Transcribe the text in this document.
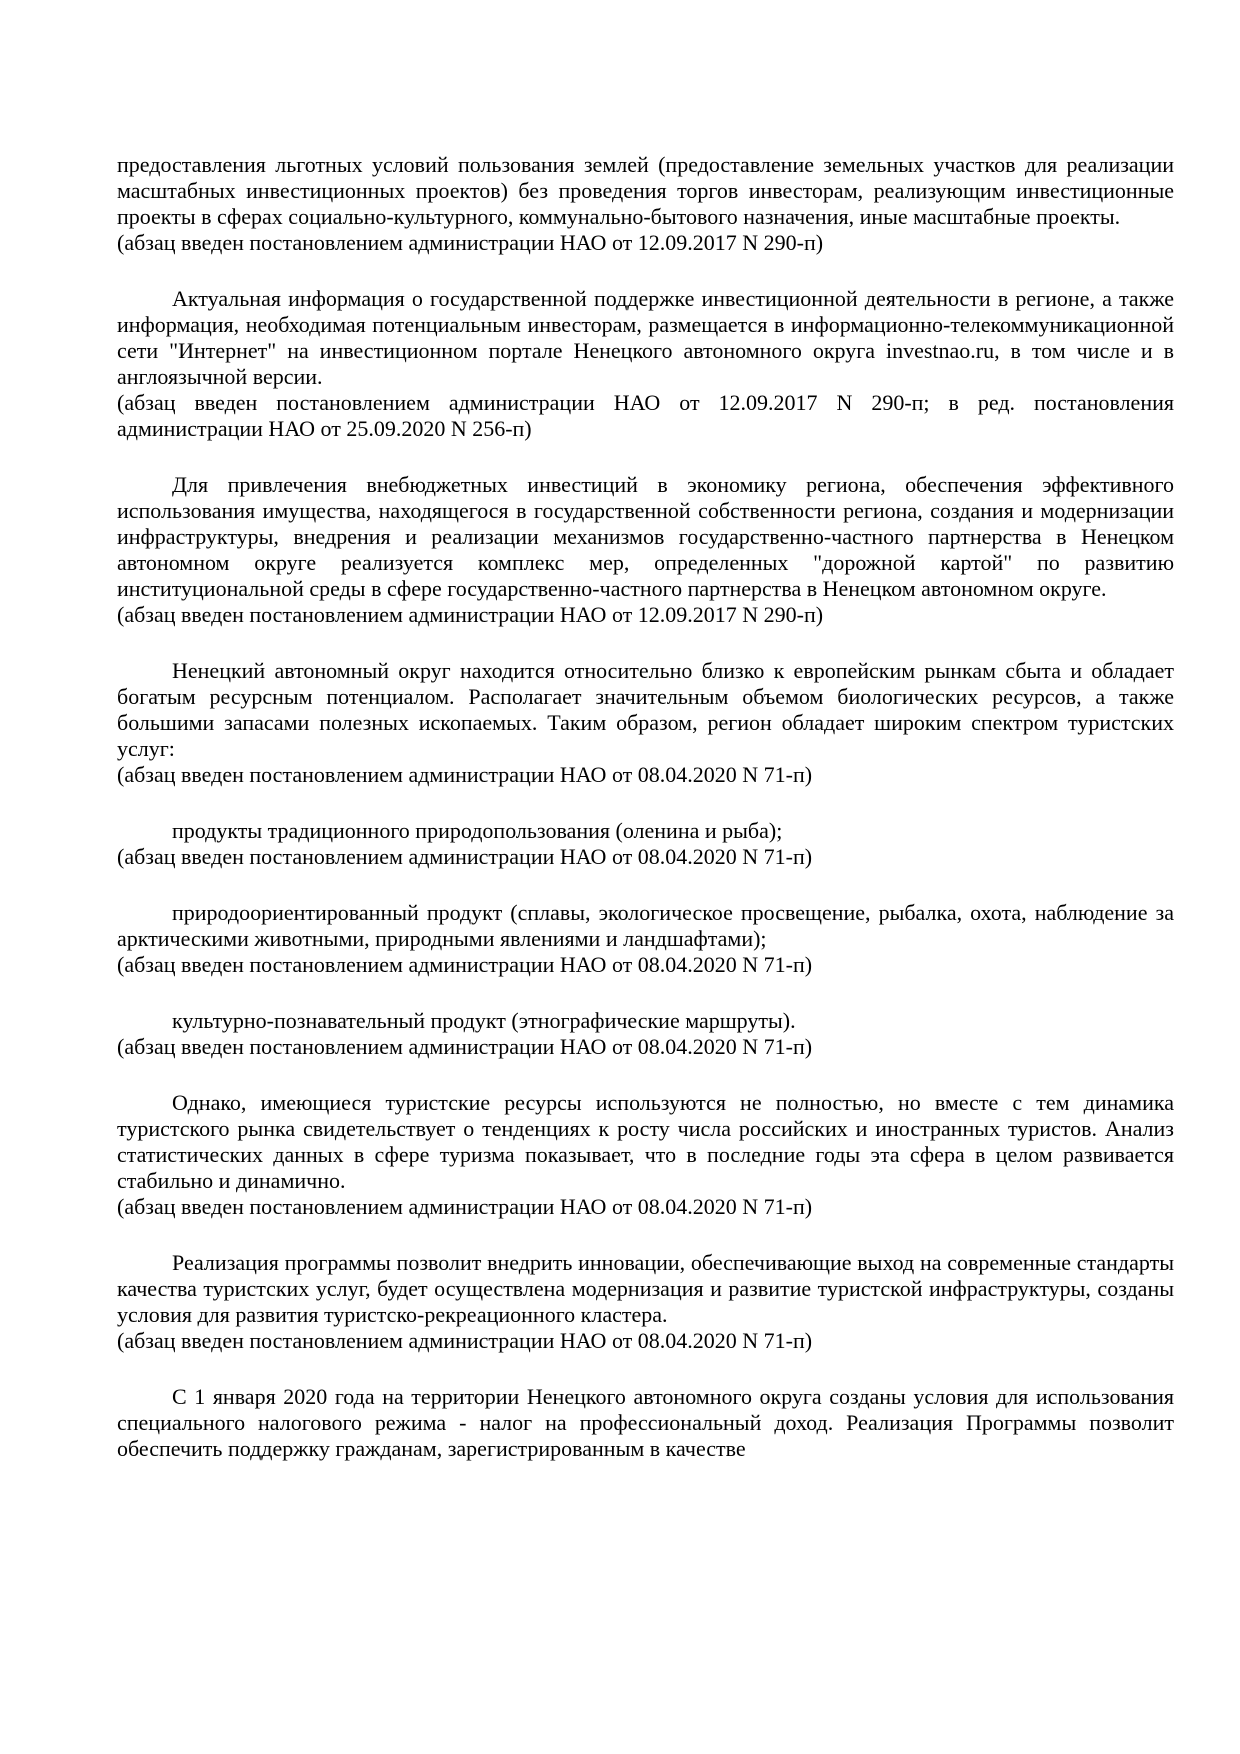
предоставления льготных условий пользования землей (предоставление земельных участков для реализации масштабных инвестиционных проектов) без проведения торгов инвесторам, реализующим инвестиционные проекты в сферах социально-культурного, коммунально-бытового назначения, иные масштабные проекты.

(абзац введен постановлением администрации НАО от 12.09.2017 N 290-п)

Актуальная информация о государственной поддержке инвестиционной деятельности в регионе, а также информация, необходимая потенциальным инвесторам, размещается в информационно-телекоммуникационной сети "Интернет" на инвестиционном портале Ненецкого автономного округа investnao.ru, в том числе и в англоязычной версии.

(абзац введен постановлением администрации НАО от 12.09.2017 N 290-п; в ред. постановления администрации НАО от 25.09.2020 N 256-п)

Для привлечения внебюджетных инвестиций в экономику региона, обеспечения эффективного использования имущества, находящегося в государственной собственности региона, создания и модернизации инфраструктуры, внедрения и реализации механизмов государственно-частного партнерства в Ненецком автономном округе реализуется комплекс мер, определенных "дорожной картой" по развитию институциональной среды в сфере государственно-частного партнерства в Ненецком автономном округе.

(абзац введен постановлением администрации НАО от 12.09.2017 N 290-п)

Ненецкий автономный округ находится относительно близко к европейским рынкам сбыта и обладает богатым ресурсным потенциалом. Располагает значительным объемом биологических ресурсов, а также большими запасами полезных ископаемых. Таким образом, регион обладает широким спектром туристских услуг:

(абзац введен постановлением администрации НАО от 08.04.2020 N 71-п)

продукты традиционного природопользования (оленина и рыба);

(абзац введен постановлением администрации НАО от 08.04.2020 N 71-п)

природоориентированный продукт (сплавы, экологическое просвещение, рыбалка, охота, наблюдение за арктическими животными, природными явлениями и ландшафтами);

(абзац введен постановлением администрации НАО от 08.04.2020 N 71-п)

культурно-познавательный продукт (этнографические маршруты).

(абзац введен постановлением администрации НАО от 08.04.2020 N 71-п)

Однако, имеющиеся туристские ресурсы используются не полностью, но вместе с тем динамика туристского рынка свидетельствует о тенденциях к росту числа российских и иностранных туристов. Анализ статистических данных в сфере туризма показывает, что в последние годы эта сфера в целом развивается стабильно и динамично.

(абзац введен постановлением администрации НАО от 08.04.2020 N 71-п)

Реализация программы позволит внедрить инновации, обеспечивающие выход на современные стандарты качества туристских услуг, будет осуществлена модернизация и развитие туристской инфраструктуры, созданы условия для развития туристско-рекреационного кластера.

(абзац введен постановлением администрации НАО от 08.04.2020 N 71-п)

С 1 января 2020 года на территории Ненецкого автономного округа созданы условия для использования специального налогового режима - налог на профессиональный доход. Реализация Программы позволит обеспечить поддержку гражданам, зарегистрированным в качестве
